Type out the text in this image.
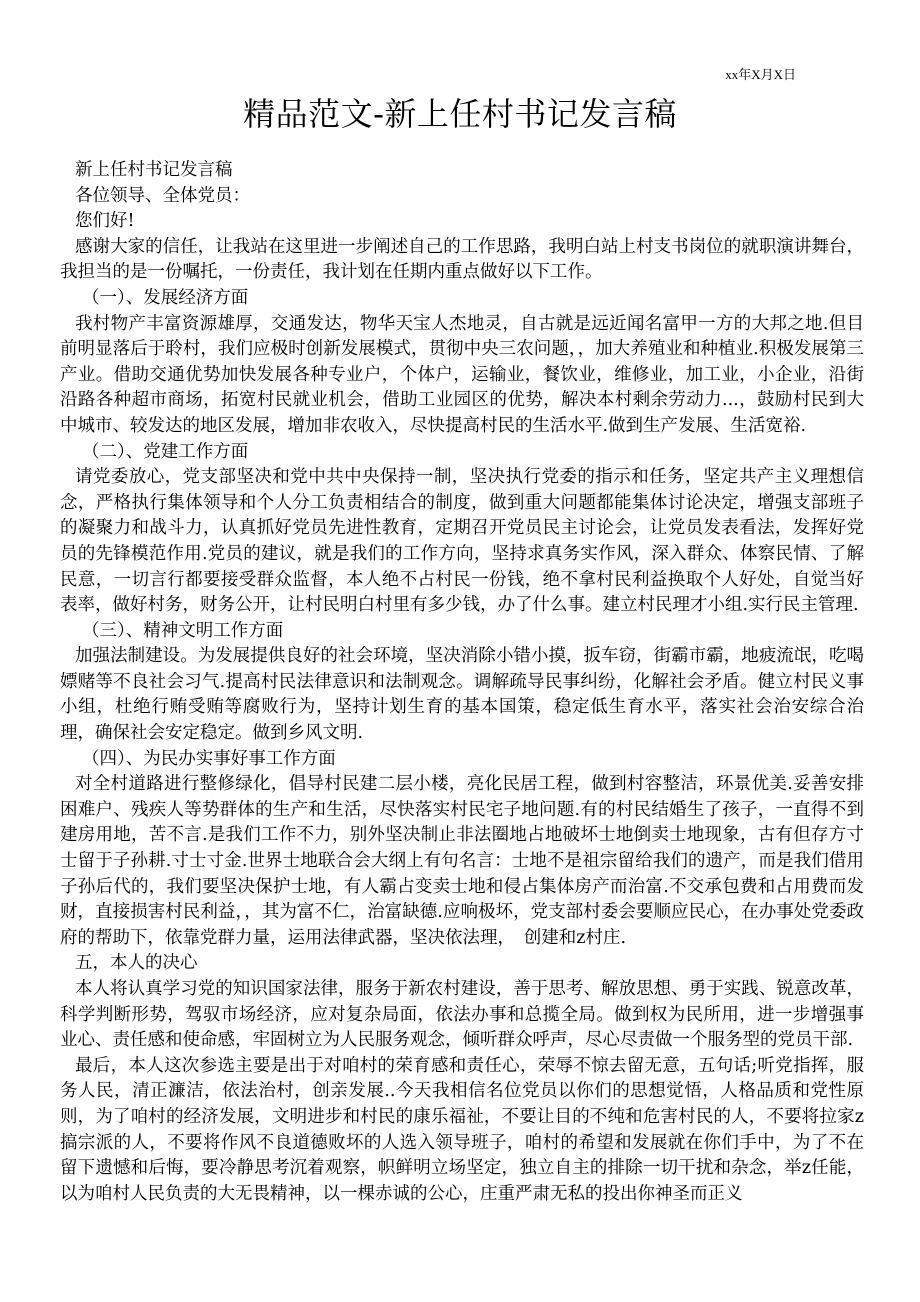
xx年X月X日
精品范文-新上任村书记发言稿

新上任村书记发言稿

各位领导、全体党员：

您们好!

感谢大家的信任，让我站在这里进一步阐述自己的工作思路，我明白站上村支书岗位的就职演讲舞台，我担当的是一份嘱托，一份责任，我计划在任期内重点做好以下工作。

（一）、发展经济方面

我村物产丰富资源雄厚，交通发达，物华天宝人杰地灵，自古就是远近闻名富甲一方的大邦之地.但目前明显落后于聆村，我们应极时创新发展模式，贯彻中央三农问题，，加大养殖业和种植业.积极发展第三产业。借助交通优势加快发展各种专业户，个体户，运输业，餐饮业，维修业，加工业，小企业，沿街沿路各种超市商场，拓宽村民就业机会，借助工业园区的优势，解决本村剩余劳动力...，鼓励村民到大中城市、较发达的地区发展，增加非农收入，尽快提高村民的生活水平.做到生产发展、生活宽裕.

（二）、党建工作方面

请党委放心，党支部坚决和党中共中央保持一制，坚决执行党委的指示和任务，坚定共产主义理想信念，严格执行集体领导和个人分工负责相结合的制度，做到重大问题都能集体讨论决定，增强支部班子的凝聚力和战斗力，认真抓好党员先进性教育，定期召开党员民主讨论会，让党员发表看法，发挥好党员的先锋模范作用.党员的建议，就是我们的工作方向，坚持求真务实作风，深入群众、体察民情、了解民意，一切言行都要接受群众监督，本人绝不占村民一份钱，绝不拿村民利益换取个人好处，自觉当好表率，做好村务，财务公开，让村民明白村里有多少钱，办了什么事。建立村民理才小组.实行民主管理.

（三）、精神文明工作方面

加强法制建设。为发展提供良好的社会环境，坚决消除小错小摸，扳车窃，街霸市霸，地疲流氓，吃喝嫖赌等不良社会习气.提高村民法律意识和法制观念。调解疏导民事纠纷，化解社会矛盾。健立村民义事小组，杜绝行贿受贿等腐败行为，坚持计划生育的基本国策，稳定低生育水平，落实社会治安综合治理，确保社会安定稳定。做到乡风文明.

（四）、为民办实事好事工作方面

对全村道路进行整修绿化，倡导村民建二层小楼，亮化民居工程，做到村容整洁，环景优美.妥善安排困难户、残疾人等势群体的生产和生活，尽快落实村民宅子地问题.有的村民结婚生了孩子，一直得不到建房用地，苦不言.是我们工作不力，别外坚决制止非法圈地占地破坏士地倒卖士地现象，古有但存方寸士留于子孙耕.寸士寸金.世界士地联合会大纲上有句名言：士地不是祖宗留给我们的遗产，而是我们借用子孙后代的，我们要坚决保护士地，有人霸占变卖士地和侵占集体房产而治富.不交承包费和占用费而发财，直接损害村民利益，，其为富不仁，治富缺德.应响极坏，党支部村委会要顺应民心，在办事处党委政府的帮助下，依靠党群力量，运用法律武器，坚决依法理，　创建和z村庄.

五，本人的决心

本人将认真学习党的知识国家法律，服务于新农村建设，善于思考、解放思想、勇于实践、锐意改革，科学判断形势，驾驭市场经济，应对复杂局面，依法办事和总揽全局。做到权为民所用，进一步增强事业心、责任感和使命感，牢固树立为人民服务观念，倾听群众呼声，尽心尽责做一个服务型的党员干部.

最后，本人这次参选主要是出于对咱村的荣育感和责任心，荣辱不惊去留无意，五句话;听党指挥，服务人民，清正濂洁，依法治村，创亲发展..今天我相信名位党员以你们的思想觉悟，人格品质和党性原则，为了咱村的经济发展，文明进步和村民的康乐福祉，不要让目的不纯和危害村民的人，不要将拉家z搞宗派的人，不要将作风不良道德败坏的人选入领导班子，咱村的希望和发展就在你们手中，为了不在留下遗憾和后悔，要冷静思考沉着观察，帜鲜明立场坚定，独立自主的排除一切干扰和杂念，举z任能，以为咱村人民负责的大无畏精神，以一棵赤诚的公心，庄重严肃无私的投出你神圣而正义
